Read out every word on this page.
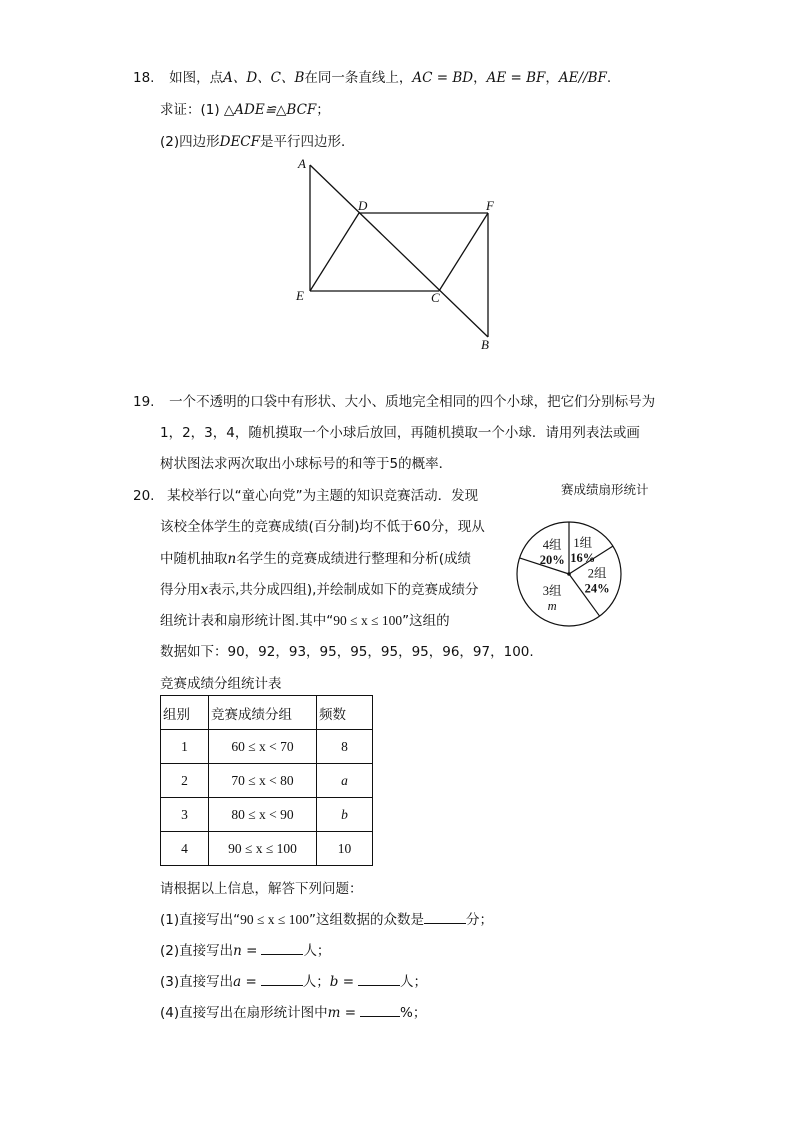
18. 如图，点A、D、C、B在同一条直线上，AC = BD，AE = BF，AE//BF.
求证：(1) △ADE≌△BCF；
(2)四边形DECF是平行四边形．
A
D	F
E	C
B
19. 一个不透明的口袋中有形状、大小、质地完全相同的四个小球，把它们分别标号为
1，2，3，4，随机摸取一个小球后放回，再随机摸取一个小球．请用列表法或画
树状图法求两次取出小球标号的和等于5的概率．
20. 某校举行以“童心向党”为主题的知识竞赛活动．发现
该校全体学生的竞赛成绩(百分制)均不低于60分，现从
中随机抽取n名学生的竞赛成绩进行整理和分析(成绩
得分用x表示,共分成四组),并绘制成如下的竞赛成绩分
组统计表和扇形统计图.其中“90 ≤ x ≤ 100”这组的
数据如下：90，92，93，95，95，95，95，96，97，100.
赛成绩扇形统计
1组
16%
2组
24%
3组
m
4组
20%
竞赛成绩分组统计表
组别	竞赛成绩分组	频数
1	60 ≤ x < 70	8
2	70 ≤ x < 80	a
3	80 ≤ x < 90	b
4	90 ≤ x ≤ 100	10
请根据以上信息，解答下列问题：
(1)直接写出“90 ≤ x ≤ 100”这组数据的众数是	分；
(2)直接写出n =	人；
(3)直接写出a =	人；b =	人；
(4)直接写出在扇形统计图中m =	%；
